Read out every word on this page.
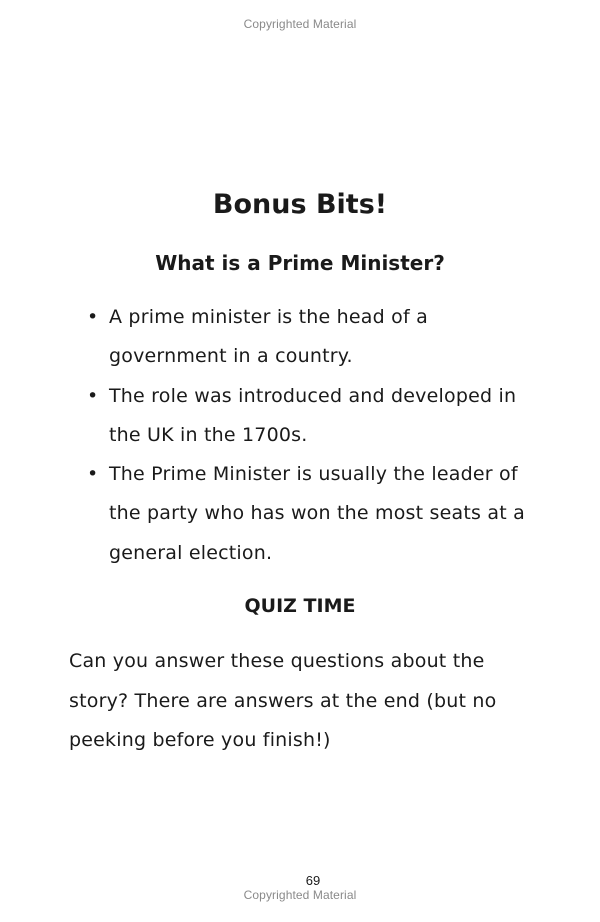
Copyrighted Material
Bonus Bits!
What is a Prime Minister?
• A prime minister is the head of a government in a country.
• The role was introduced and developed in the UK in the 1700s.
• The Prime Minister is usually the leader of the party who has won the most seats at a general election.
QUIZ TIME

Can you answer these questions about the story? There are answers at the end (but no peeking before you finish!)

69
Copyrighted Material
